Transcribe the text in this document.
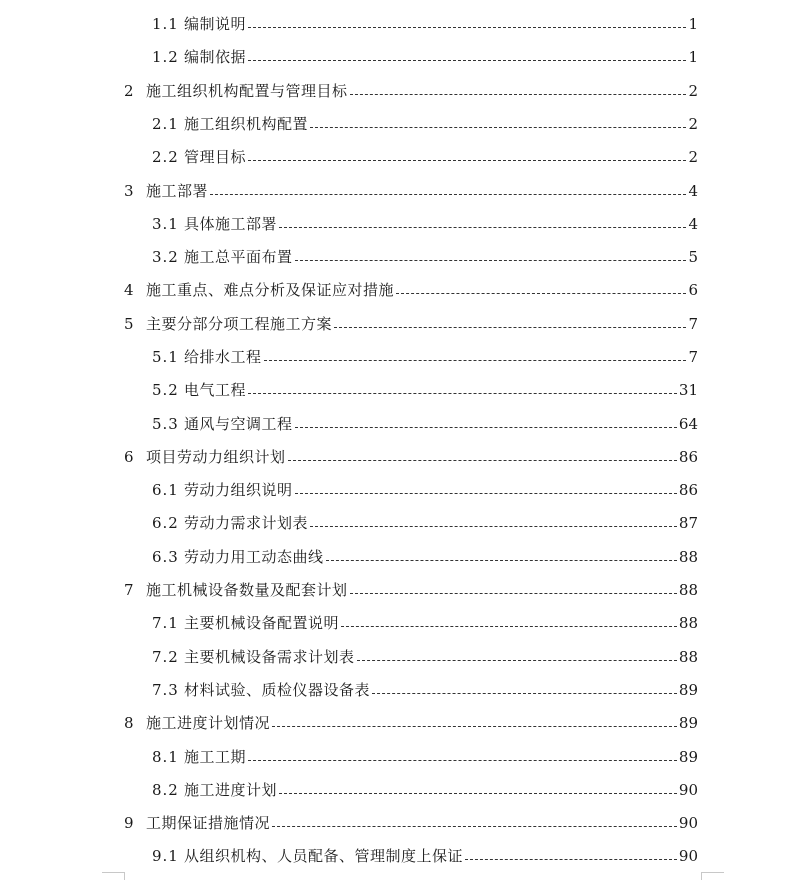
1.1 编制说明	1
1.2 编制依据	1
2 施工组织机构配置与管理目标	2
2.1 施工组织机构配置	2
2.2 管理目标	2
3 施工部署	4
3.1 具体施工部署	4
3.2 施工总平面布置	5
4 施工重点、难点分析及保证应对措施	6
5 主要分部分项工程施工方案	7
5.1 给排水工程	7
5.2 电气工程	31
5.3 通风与空调工程	64
6 项目劳动力组织计划	86
6.1 劳动力组织说明	86
6.2 劳动力需求计划表	87
6.3 劳动力用工动态曲线	88
7 施工机械设备数量及配套计划	88
7.1 主要机械设备配置说明	88
7.2 主要机械设备需求计划表	88
7.3 材料试验、质检仪器设备表	89
8 施工进度计划情况	89
8.1 施工工期	89
8.2 施工进度计划	90
9 工期保证措施情况	90
9.1 从组织机构、人员配备、管理制度上保证	90
